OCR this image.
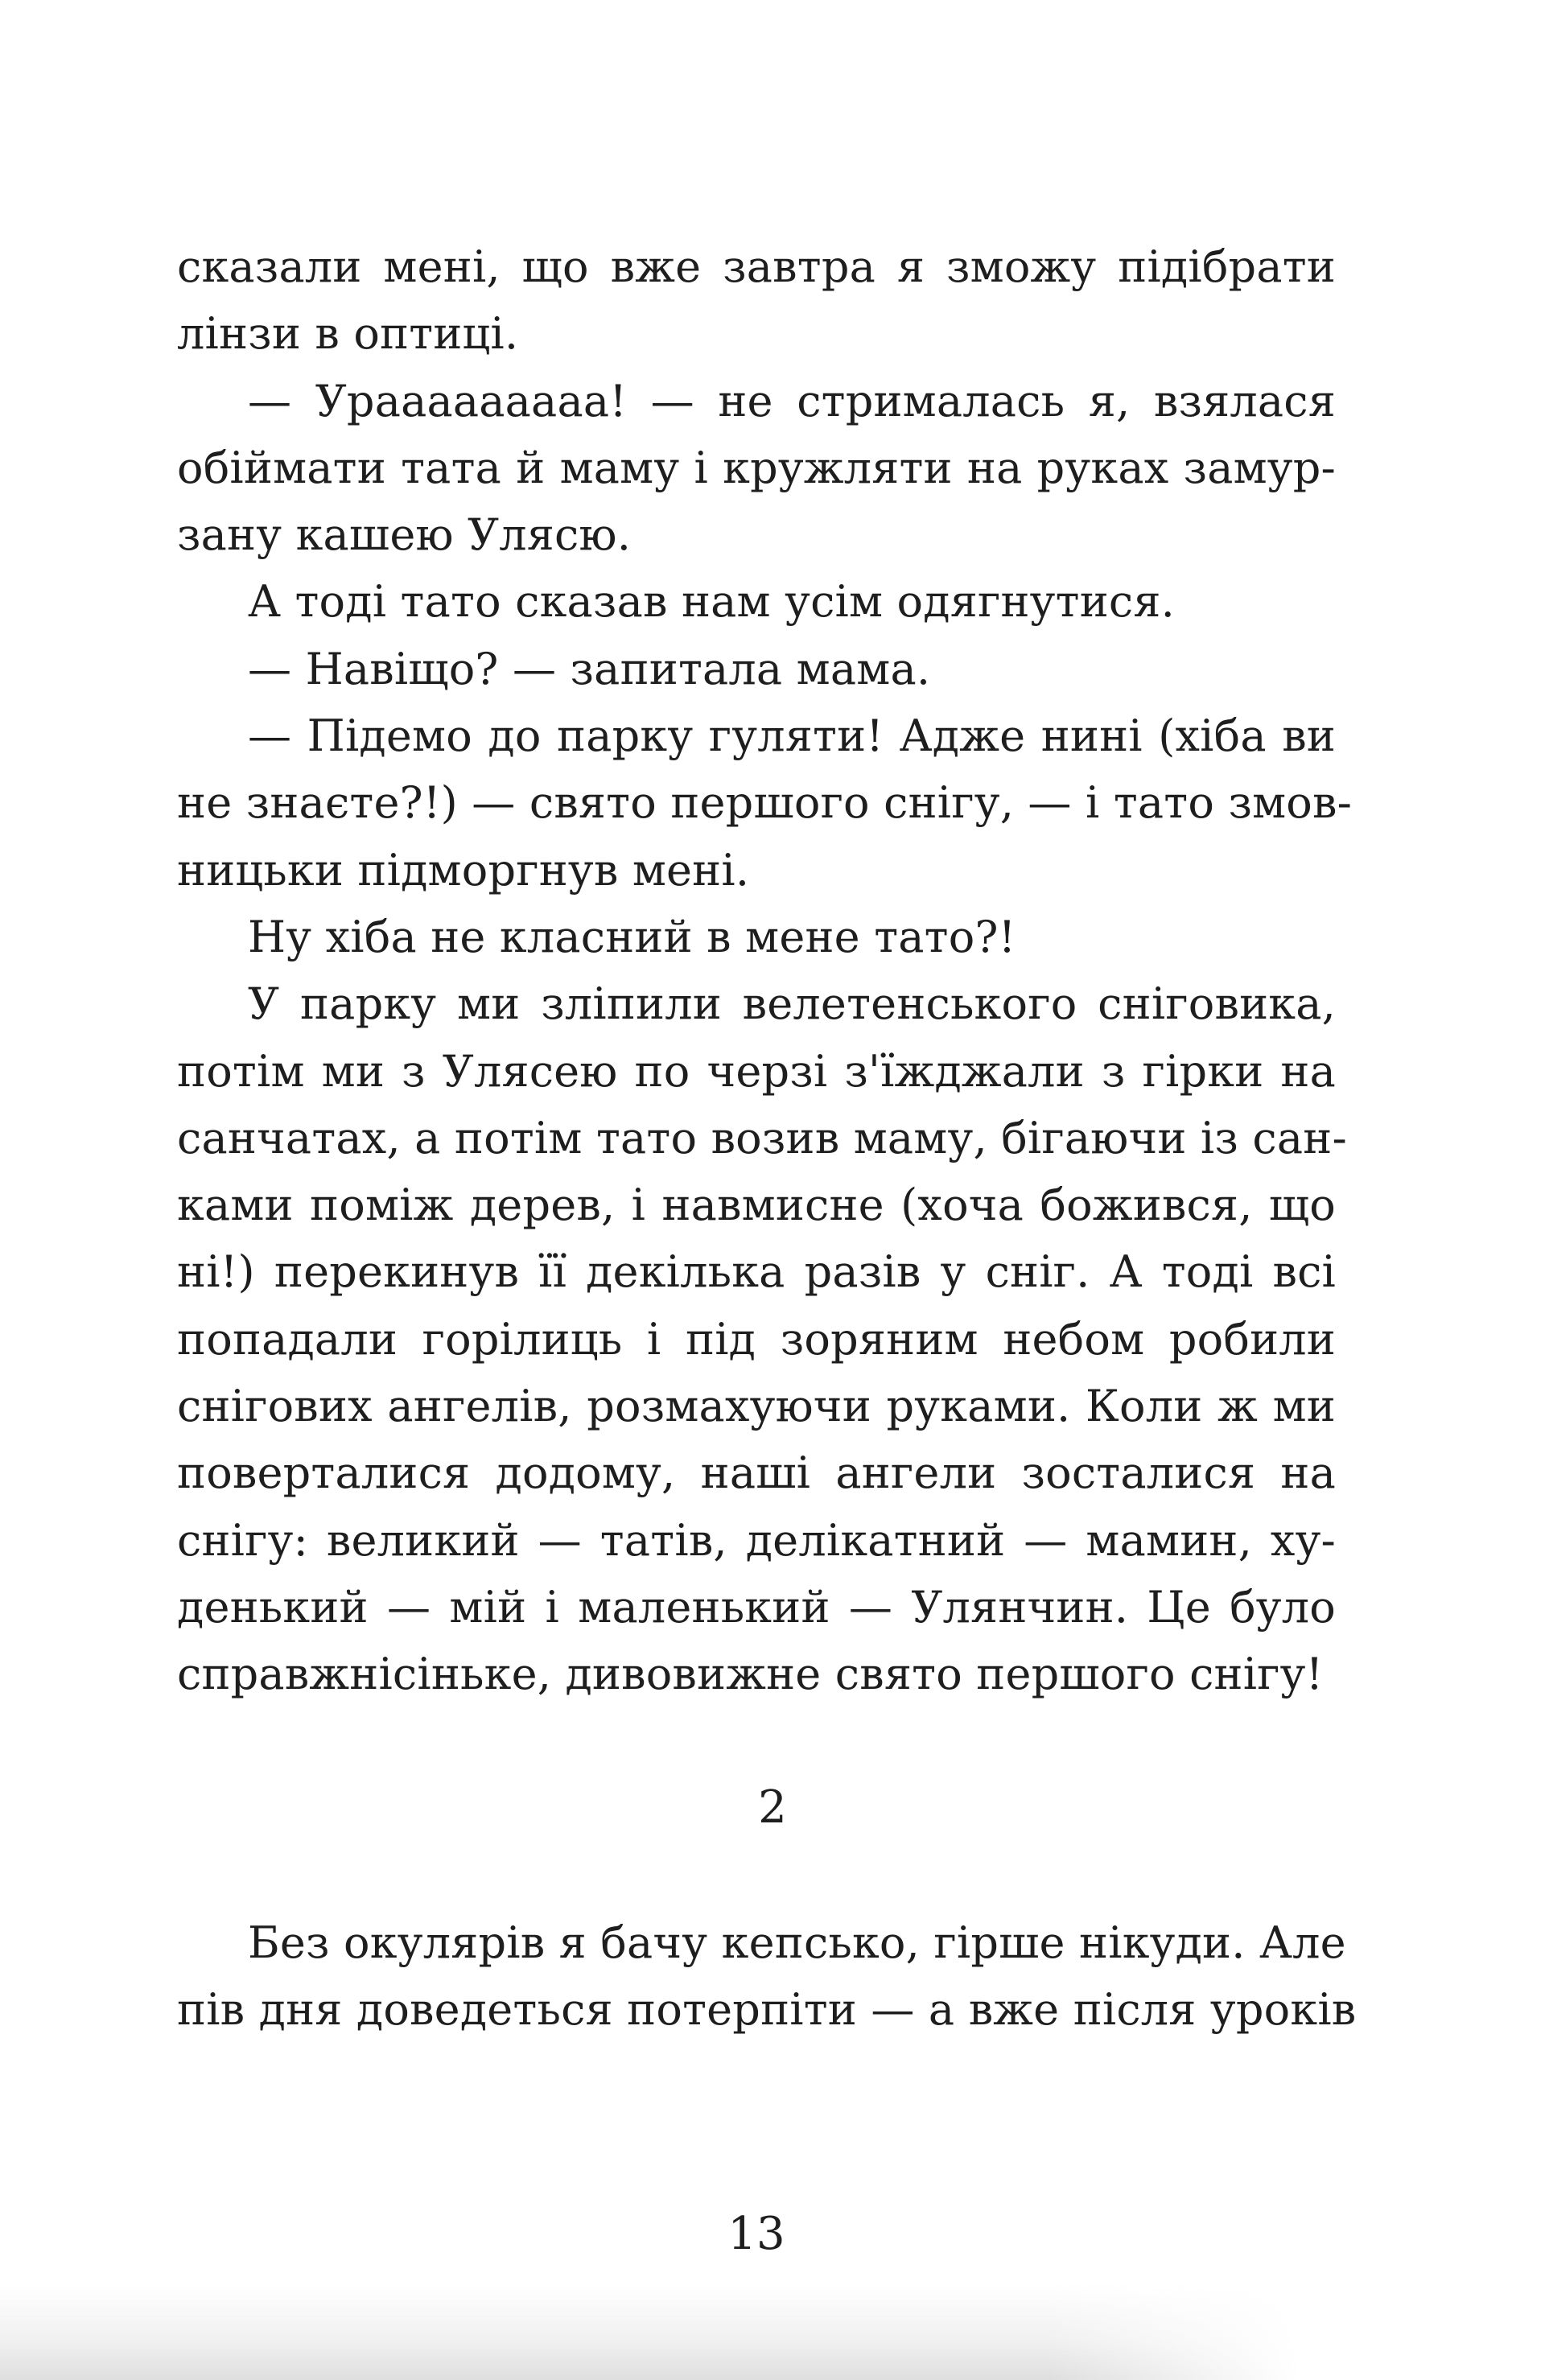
сказали мені, що вже завтра я зможу підібрати
лінзи в оптиці.
— Урааааааааа! — не стрималась я, взялася
обіймати тата й маму і кружляти на руках замур-
зану кашею Улясю.
А тоді тато сказав нам усім одягнутися.
— Навіщо? — запитала мама.
— Підемо до парку гуляти! Адже нині (хіба ви
не знаєте?!) — свято першого снігу, — і тато змов-
ницьки підморгнув мені.
Ну хіба не класний в мене тато?!
У парку ми зліпили велетенського сніговика,
потім ми з Улясею по черзі з'їжджали з гірки на
санчатах, а потім тато возив маму, бігаючи із сан-
ками поміж дерев, і навмисне (хоча божився, що
ні!) перекинув її декілька разів у сніг. А тоді всі
попадали горілиць і під зоряним небом робили
снігових ангелів, розмахуючи руками. Коли ж ми
поверталися додому, наші ангели зосталися на
снігу: великий — татів, делікатний — мамин, ху-
денький — мій і маленький — Улянчин. Це було
справжнісіньке, дивовижне свято першого снігу!
2
Без окулярів я бачу кепсько, гірше нікуди. Але
пів дня доведеться потерпіти — а вже після уроків
13
